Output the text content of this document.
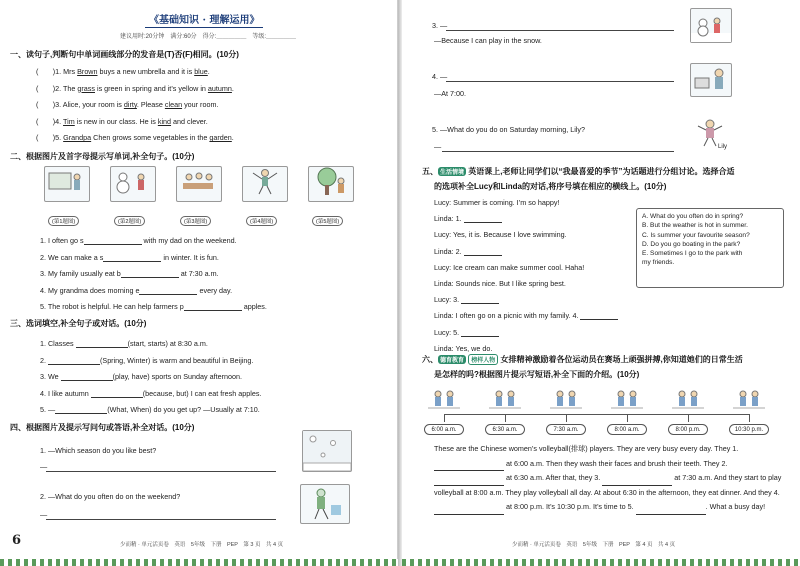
《基础知识 · 理解运用》
建议用时:20分钟　满分:60分　得分:＿＿＿＿＿　等级:＿＿＿＿＿
一、读句子,判断句中单词画线部分的发音是(T)否(F)相同。(10分)
(　　)1. Mrs Brown buys a new umbrella and it is blue.
(　　)2. The grass is green in spring and it’s yellow in autumn.
(　　)3. Alice, your room is dirty. Please clean your room.
(　　)4. Tim is new in our class. He is kind and clever.
(　　)5. Grandpa Chen grows some vegetables in the garden.
二、根据图片及首字母提示写单词,补全句子。(10分)
(第1题图)	(第2题图)	(第3题图)	(第4题图)	(第5题图)
1. I often go s	with my dad on the weekend.
2. We can make a s	in winter. It is fun.
3. My family usually eat b	at 7:30 a.m.
4. My grandma does morning e	every day.
5. The robot is helpful. He can help farmers p	apples.
三、选词填空,补全句子或对话。(10分)
1. Classes	(start, starts) at 8:30 a.m.
2.	(Spring, Winter) is warm and beautiful in Beijing.
3. We	(play, have) sports on Sunday afternoon.
4. I like autumn	(because, but) I can eat fresh apples.
5. —	(What, When) do you get up? —Usually at 7:10.
四、根据图片及提示写问句或答语,补全对话。(10分)
1. —Which season do you like best?
—
2. —What do you often do on the weekend?
—
6	少而精 · 单元活页卷　英语　5年级　下册　PEP　第 3 页　共 4 页
3. —
—Because I can play in the snow.
4. —
—At 7:00.
5. —What do you do on Saturday morning, Lily?
—	Lily
五、 生活情境 英语课上,老师让同学们以“我最喜爱的季节”为话题进行分组讨论。选择合适
的选项补全Lucy和Linda的对话,将序号填在相应的横线上。(10分)
Lucy: Summer is coming. I’m so happy!
Linda: 1.
Lucy: Yes, it is. Because I love swimming.
Linda: 2.
Lucy: Ice cream can make summer cool. Haha!
Linda: Sounds nice. But I like spring best.
Lucy: 3.
Linda: I often go on a picnic with my family. 4.
Lucy: 5.
Linda: Yes, we do.
A. What do you often do in spring?
B. But the weather is hot in summer.
C. Is summer your favourite season?
D. Do you go boating in the park?
E. Sometimes I go to the park with
my friends.
六、 德育教育 榜样人物 女排精神激励着各位运动员在赛场上顽强拼搏,你知道她们的日常生活
是怎样的吗?根据图片提示写短语,补全下面的介绍。(10分)
6:00 a.m.	6:30 a.m.	7:30 a.m.	8:00 a.m.	8:00 p.m.	10:30 p.m.
These are the Chinese women’s volleyball(排球) players. They are very busy every day. They 1.  at 6:00 a.m. Then they wash their faces and brush their teeth. They 2.  at 6:30 a.m. After that, they 3.	at 7:30 a.m. And they start to play volleyball at 8:00 a.m. They play volleyball all day. At about 6:30 in the afternoon, they eat dinner. And they 4.  at 8:00 p.m. It’s 10:30 p.m. It’s time to 5.	. What a busy day!
少而精 · 单元活页卷　英语　5年级　下册　PEP　第 4 页　共 4 页
